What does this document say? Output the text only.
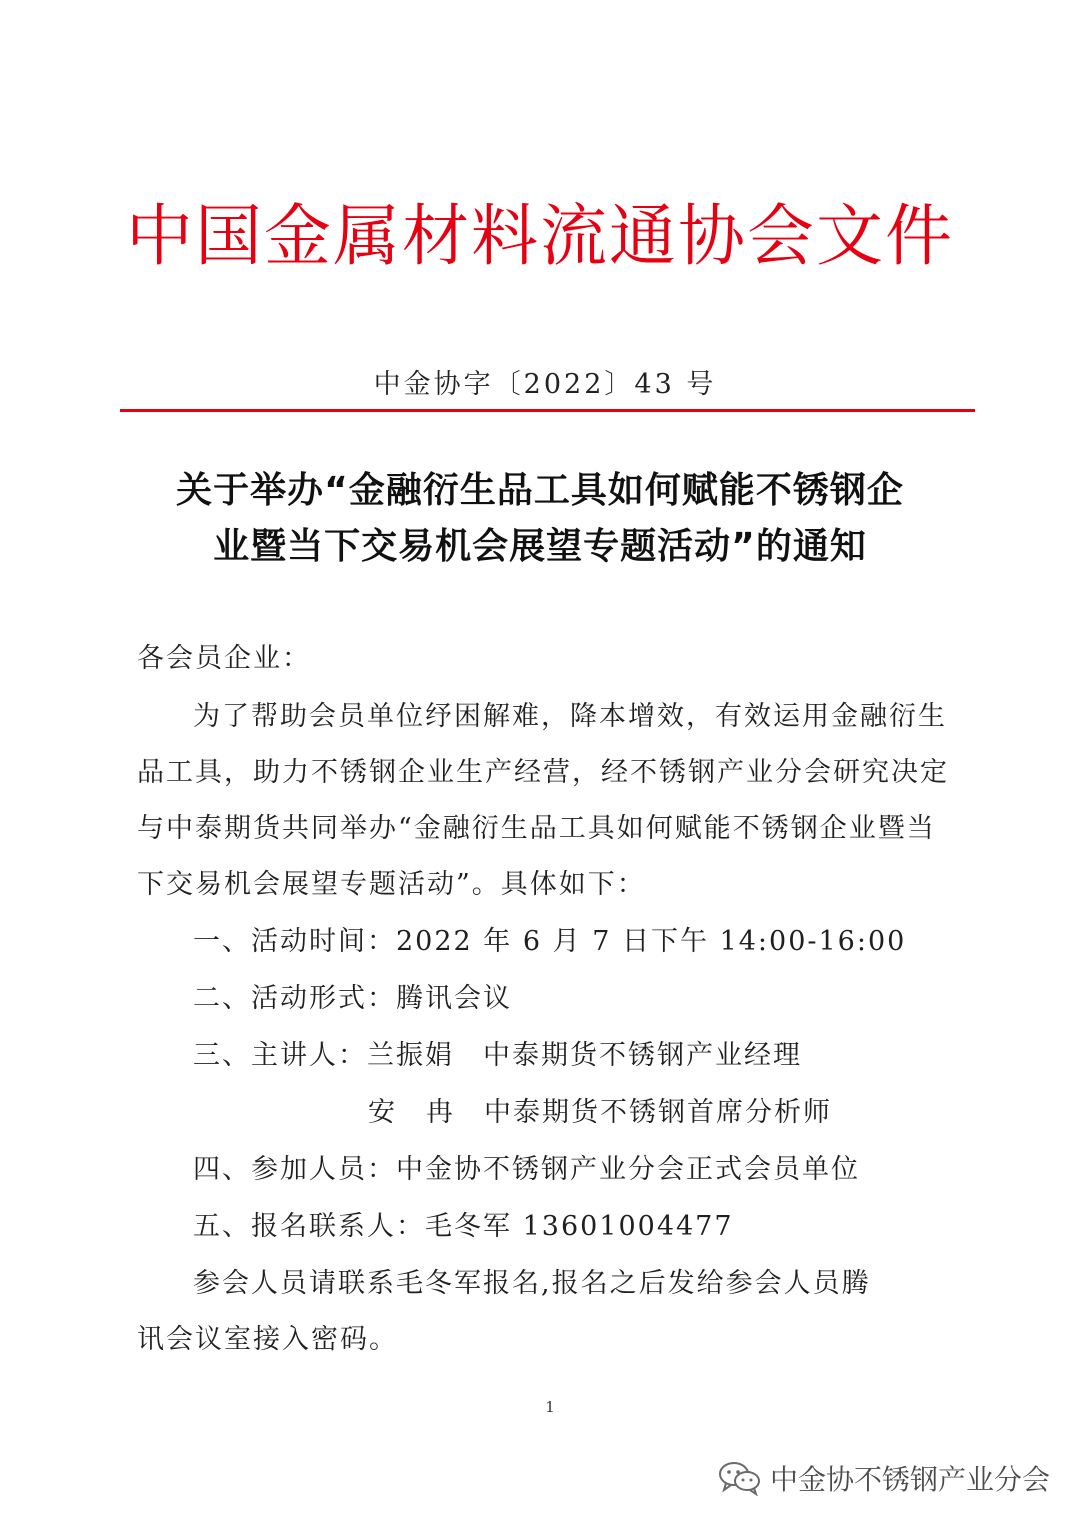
中国金属材料流通协会文件
中金协字〔2022〕43 号
关于举办“金融衍生品工具如何赋能不锈钢企
业暨当下交易机会展望专题活动”的通知
各会员企业：
为了帮助会员单位纾困解难，降本增效，有效运用金融衍生
品工具，助力不锈钢企业生产经营，经不锈钢产业分会研究决定
与中泰期货共同举办“金融衍生品工具如何赋能不锈钢企业暨当
下交易机会展望专题活动”。具体如下：
一、活动时间：2022 年 6 月 7 日下午 14:00-16:00
二、活动形式：腾讯会议
三、主讲人：兰振娟　中泰期货不锈钢产业经理
安　冉　中泰期货不锈钢首席分析师
四、参加人员：中金协不锈钢产业分会正式会员单位
五、报名联系人：毛冬军 13601004477
参会人员请联系毛冬军报名,报名之后发给参会人员腾
讯会议室接入密码。
1
中金协不锈钢产业分会
